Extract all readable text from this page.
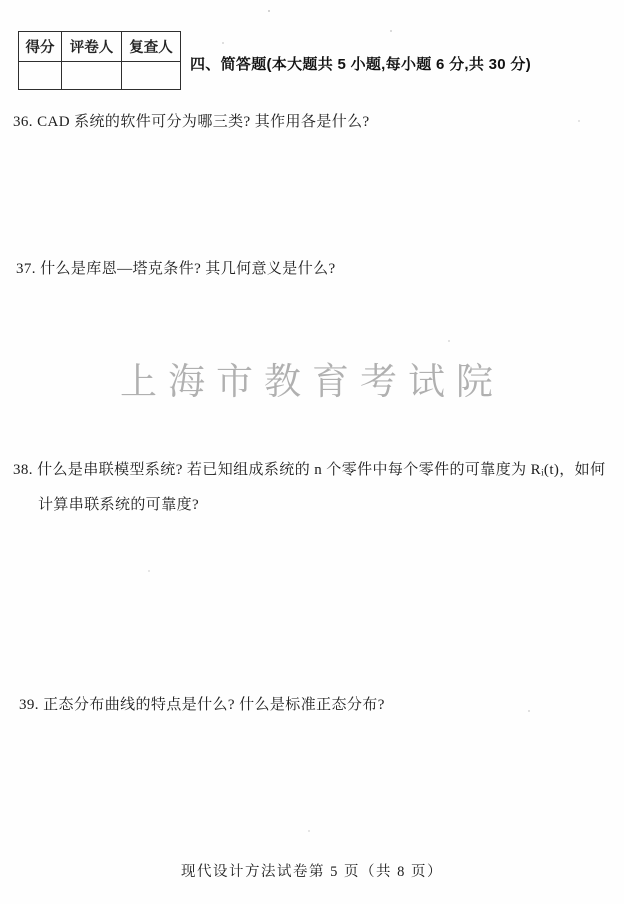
得分	评卷人	复查人

四、简答题(本大题共 5 小题,每小题 6 分,共 30 分)
36. CAD 系统的软件可分为哪三类? 其作用各是什么?
37. 什么是库恩—塔克条件? 其几何意义是什么?
上海市教育考试院
38. 什么是串联模型系统? 若已知组成系统的 n 个零件中每个零件的可靠度为 Rᵢ(t)，如何
计算串联系统的可靠度?
39. 正态分布曲线的特点是什么? 什么是标准正态分布?
现代设计方法试卷第 5 页（共 8 页）
